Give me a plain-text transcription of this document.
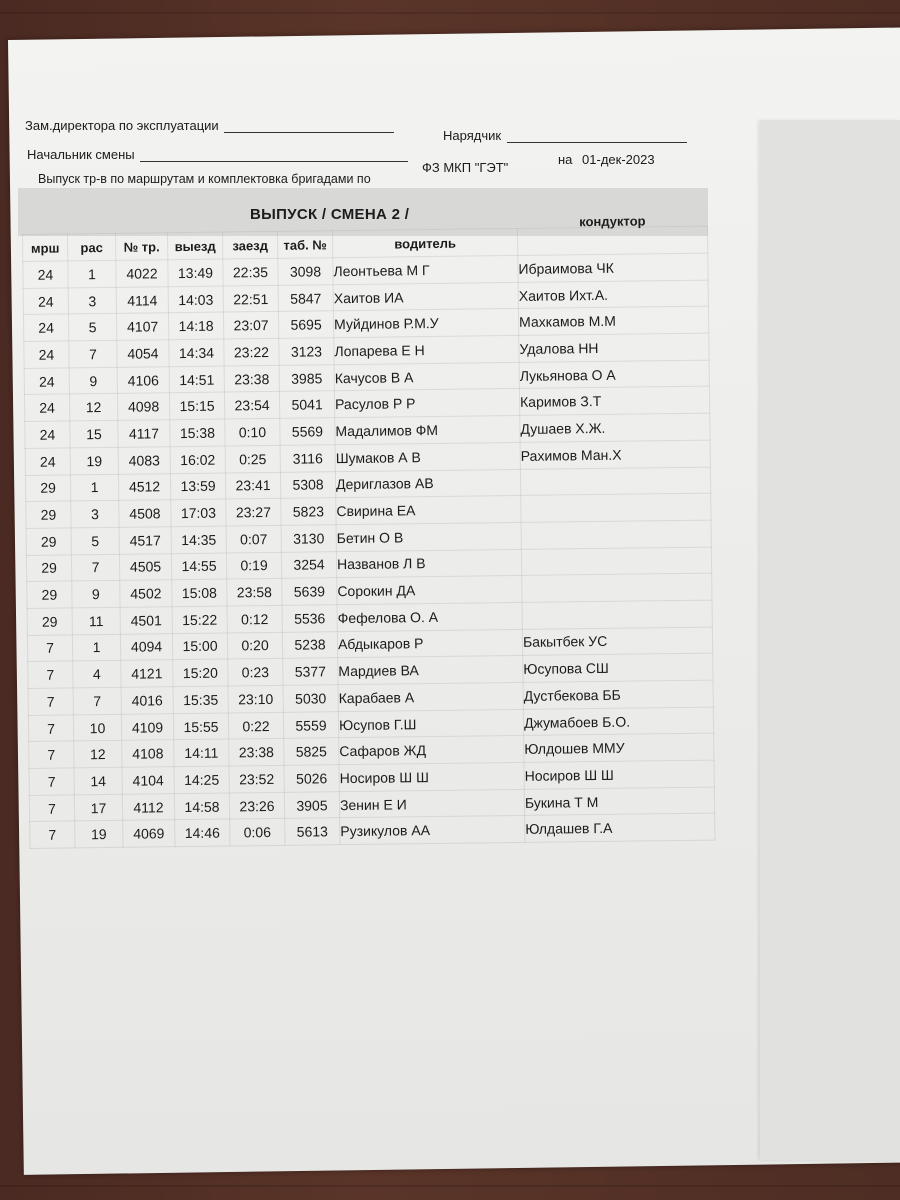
Зам.директора по эксплуатации
Нарядчик
Начальник смены
Выпуск тр-в по маршрутам и комплектовка бригадами по
ФЗ МКП "ГЭТ"
на 01-дек-2023
ВЫПУСК / СМЕНА 2 /
мрш	рас	№ тр.	выезд	заезд	таб. №	водитель	кондуктор
24	1	4022	13:49	22:35	3098	Леонтьева М Г	Ибраимова ЧК
24	3	4114	14:03	22:51	5847	Хаитов ИА	Хаитов Ихт.А.
24	5	4107	14:18	23:07	5695	Муйдинов Р.М.У	Махкамов М.М
24	7	4054	14:34	23:22	3123	Лопарева Е Н	Удалова НН
24	9	4106	14:51	23:38	3985	Качусов В А	Лукьянова О А
24	12	4098	15:15	23:54	5041	Расулов Р Р	Каримов З.Т
24	15	4117	15:38	0:10	5569	Мадалимов ФМ	Душаев Х.Ж.
24	19	4083	16:02	0:25	3116	Шумаков А В	Рахимов Ман.Х
29	1	4512	13:59	23:41	5308	Дериглазов АВ	
29	3	4508	17:03	23:27	5823	Свирина ЕА	
29	5	4517	14:35	0:07	3130	Бетин О В	
29	7	4505	14:55	0:19	3254	Названов Л В	
29	9	4502	15:08	23:58	5639	Сорокин ДА	
29	11	4501	15:22	0:12	5536	Фефелова О. А	
7	1	4094	15:00	0:20	5238	Абдыкаров Р	Бакытбек УС
7	4	4121	15:20	0:23	5377	Мардиев ВА	Юсупова СШ
7	7	4016	15:35	23:10	5030	Карабаев А	Дустбекова ББ
7	10	4109	15:55	0:22	5559	Юсупов Г.Ш	Джумабоев Б.О.
7	12	4108	14:11	23:38	5825	Сафаров ЖД	Юлдошев ММУ
7	14	4104	14:25	23:52	5026	Носиров Ш Ш	Носиров Ш Ш
7	17	4112	14:58	23:26	3905	Зенин Е И	Букина Т М
7	19	4069	14:46	0:06	5613	Рузикулов АА	Юлдашев Г.А
